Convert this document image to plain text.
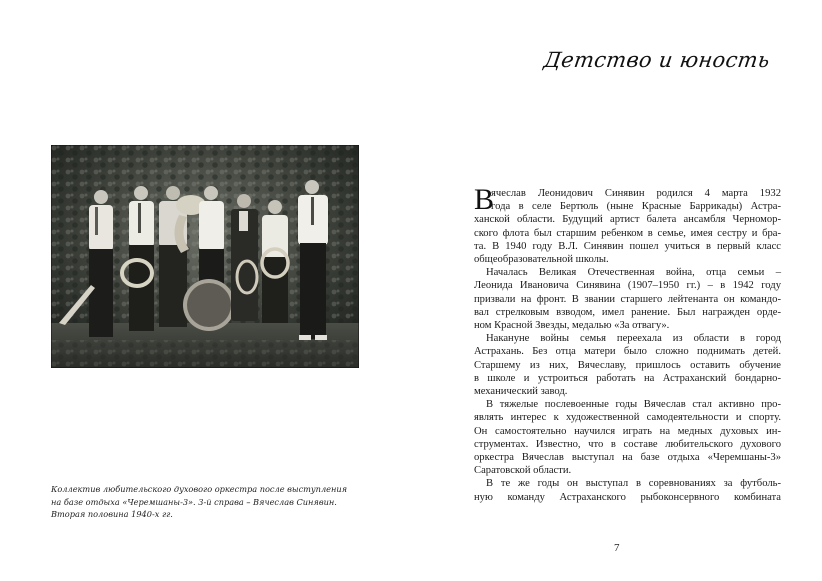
Коллектив любительского духового оркестра после выступления
на базе отдыха «Черемшаны-3». 3-й справа – Вячеслав Синявин.
Вторая половина 1940-х гг.
Детство и юность
В
ячеслав Леонидович Синявин родился 4 марта 1932
года в селе Бертюль (ныне Красные Баррикады) Астра-
ханской области. Будущий артист балета ансамбля Черномор-
ского флота был старшим ребенком в семье, имея сестру и бра-
та. В 1940 году В.Л. Синявин пошел учиться в первый класс
общеобразовательной школы.
Началась Великая Отечественная война, отца семьи –
Леонида Ивановича Синявина (1907–1950 гг.) – в 1942 году
призвали на фронт. В звании старшего лейтенанта он командо-
вал стрелковым взводом, имел ранение. Был награжден орде-
ном Красной Звезды, медалью «За отвагу».
Накануне войны семья переехала из области в город
Астрахань. Без отца матери было сложно поднимать детей.
Старшему из них, Вячеславу, пришлось оставить обучение
в школе и устроиться работать на Астраханский бондарно-
механический завод.
В тяжелые послевоенные годы Вячеслав стал активно про-
являть интерес к художественной самодеятельности и спорту.
Он самостоятельно научился играть на медных духовых ин-
струментах. Известно, что в составе любительского духового
оркестра Вячеслав выступал на базе отдыха «Черемшаны-3»
Саратовской области.
В те же годы он выступал в соревнованиях за футболь-
ную команду Астраханского рыбоконсервного комбината
7
